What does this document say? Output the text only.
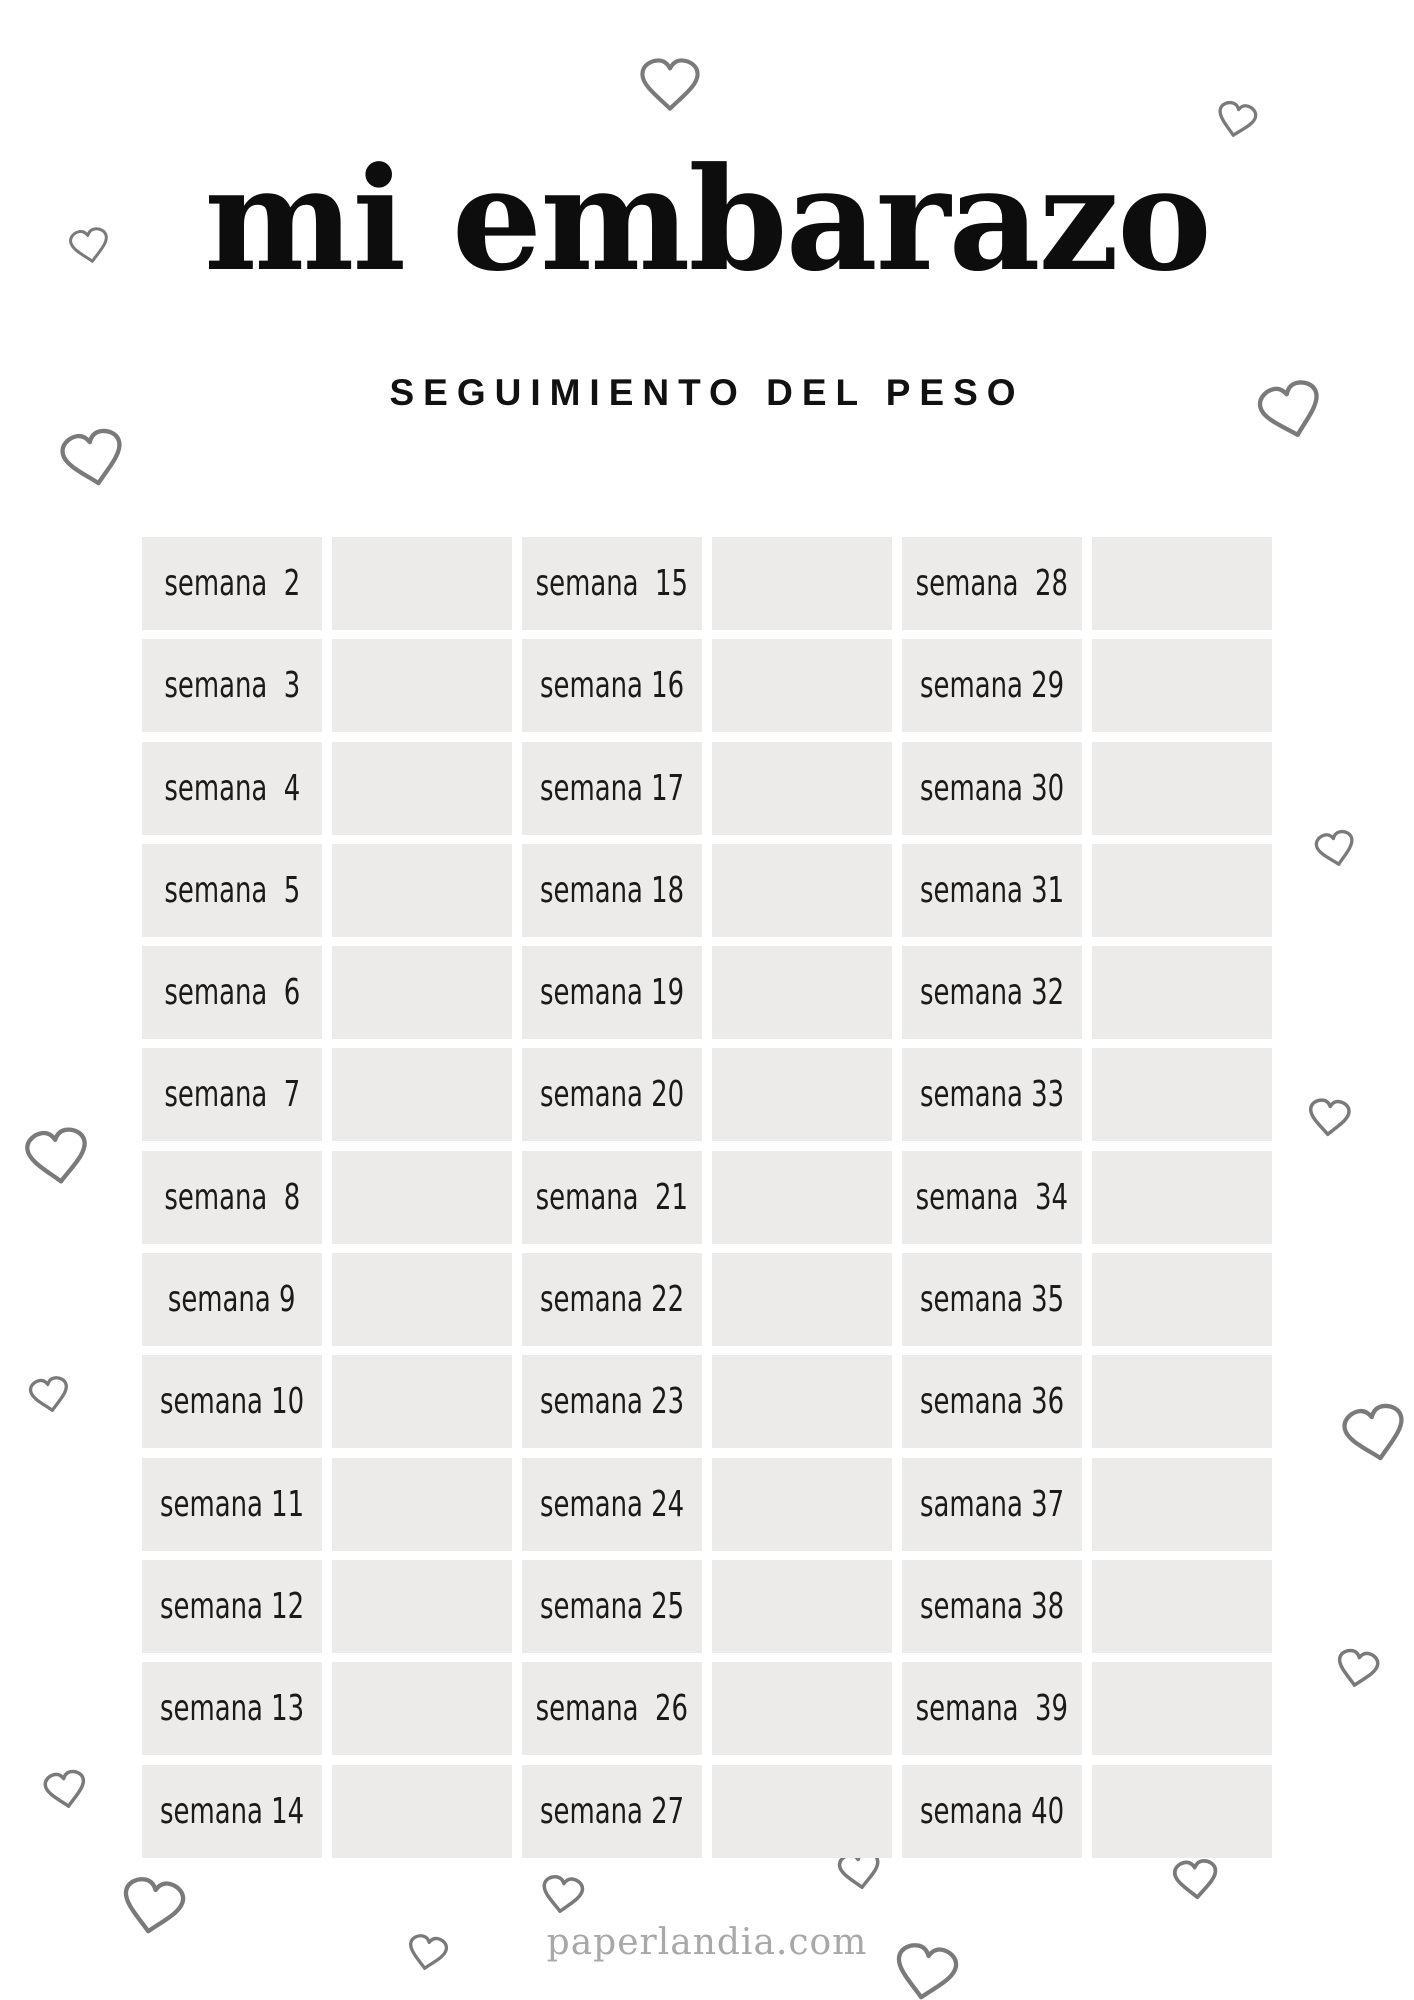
mi embarazo
SEGUIMIENTO DEL PESO
semana  2	semana  15	semana  28
semana  3	semana 16	semana 29
semana  4	semana 17	semana 30
semana  5	semana 18	semana 31
semana  6	semana 19	semana 32
semana  7	semana 20	semana 33
semana  8	semana  21	semana  34
semana 9	semana 22	semana 35
semana 10	semana 23	semana 36
semana 11	semana 24	samana 37
semana 12	semana 25	semana 38
semana 13	semana  26	semana  39
semana 14	semana 27	semana 40
paperlandia.com
